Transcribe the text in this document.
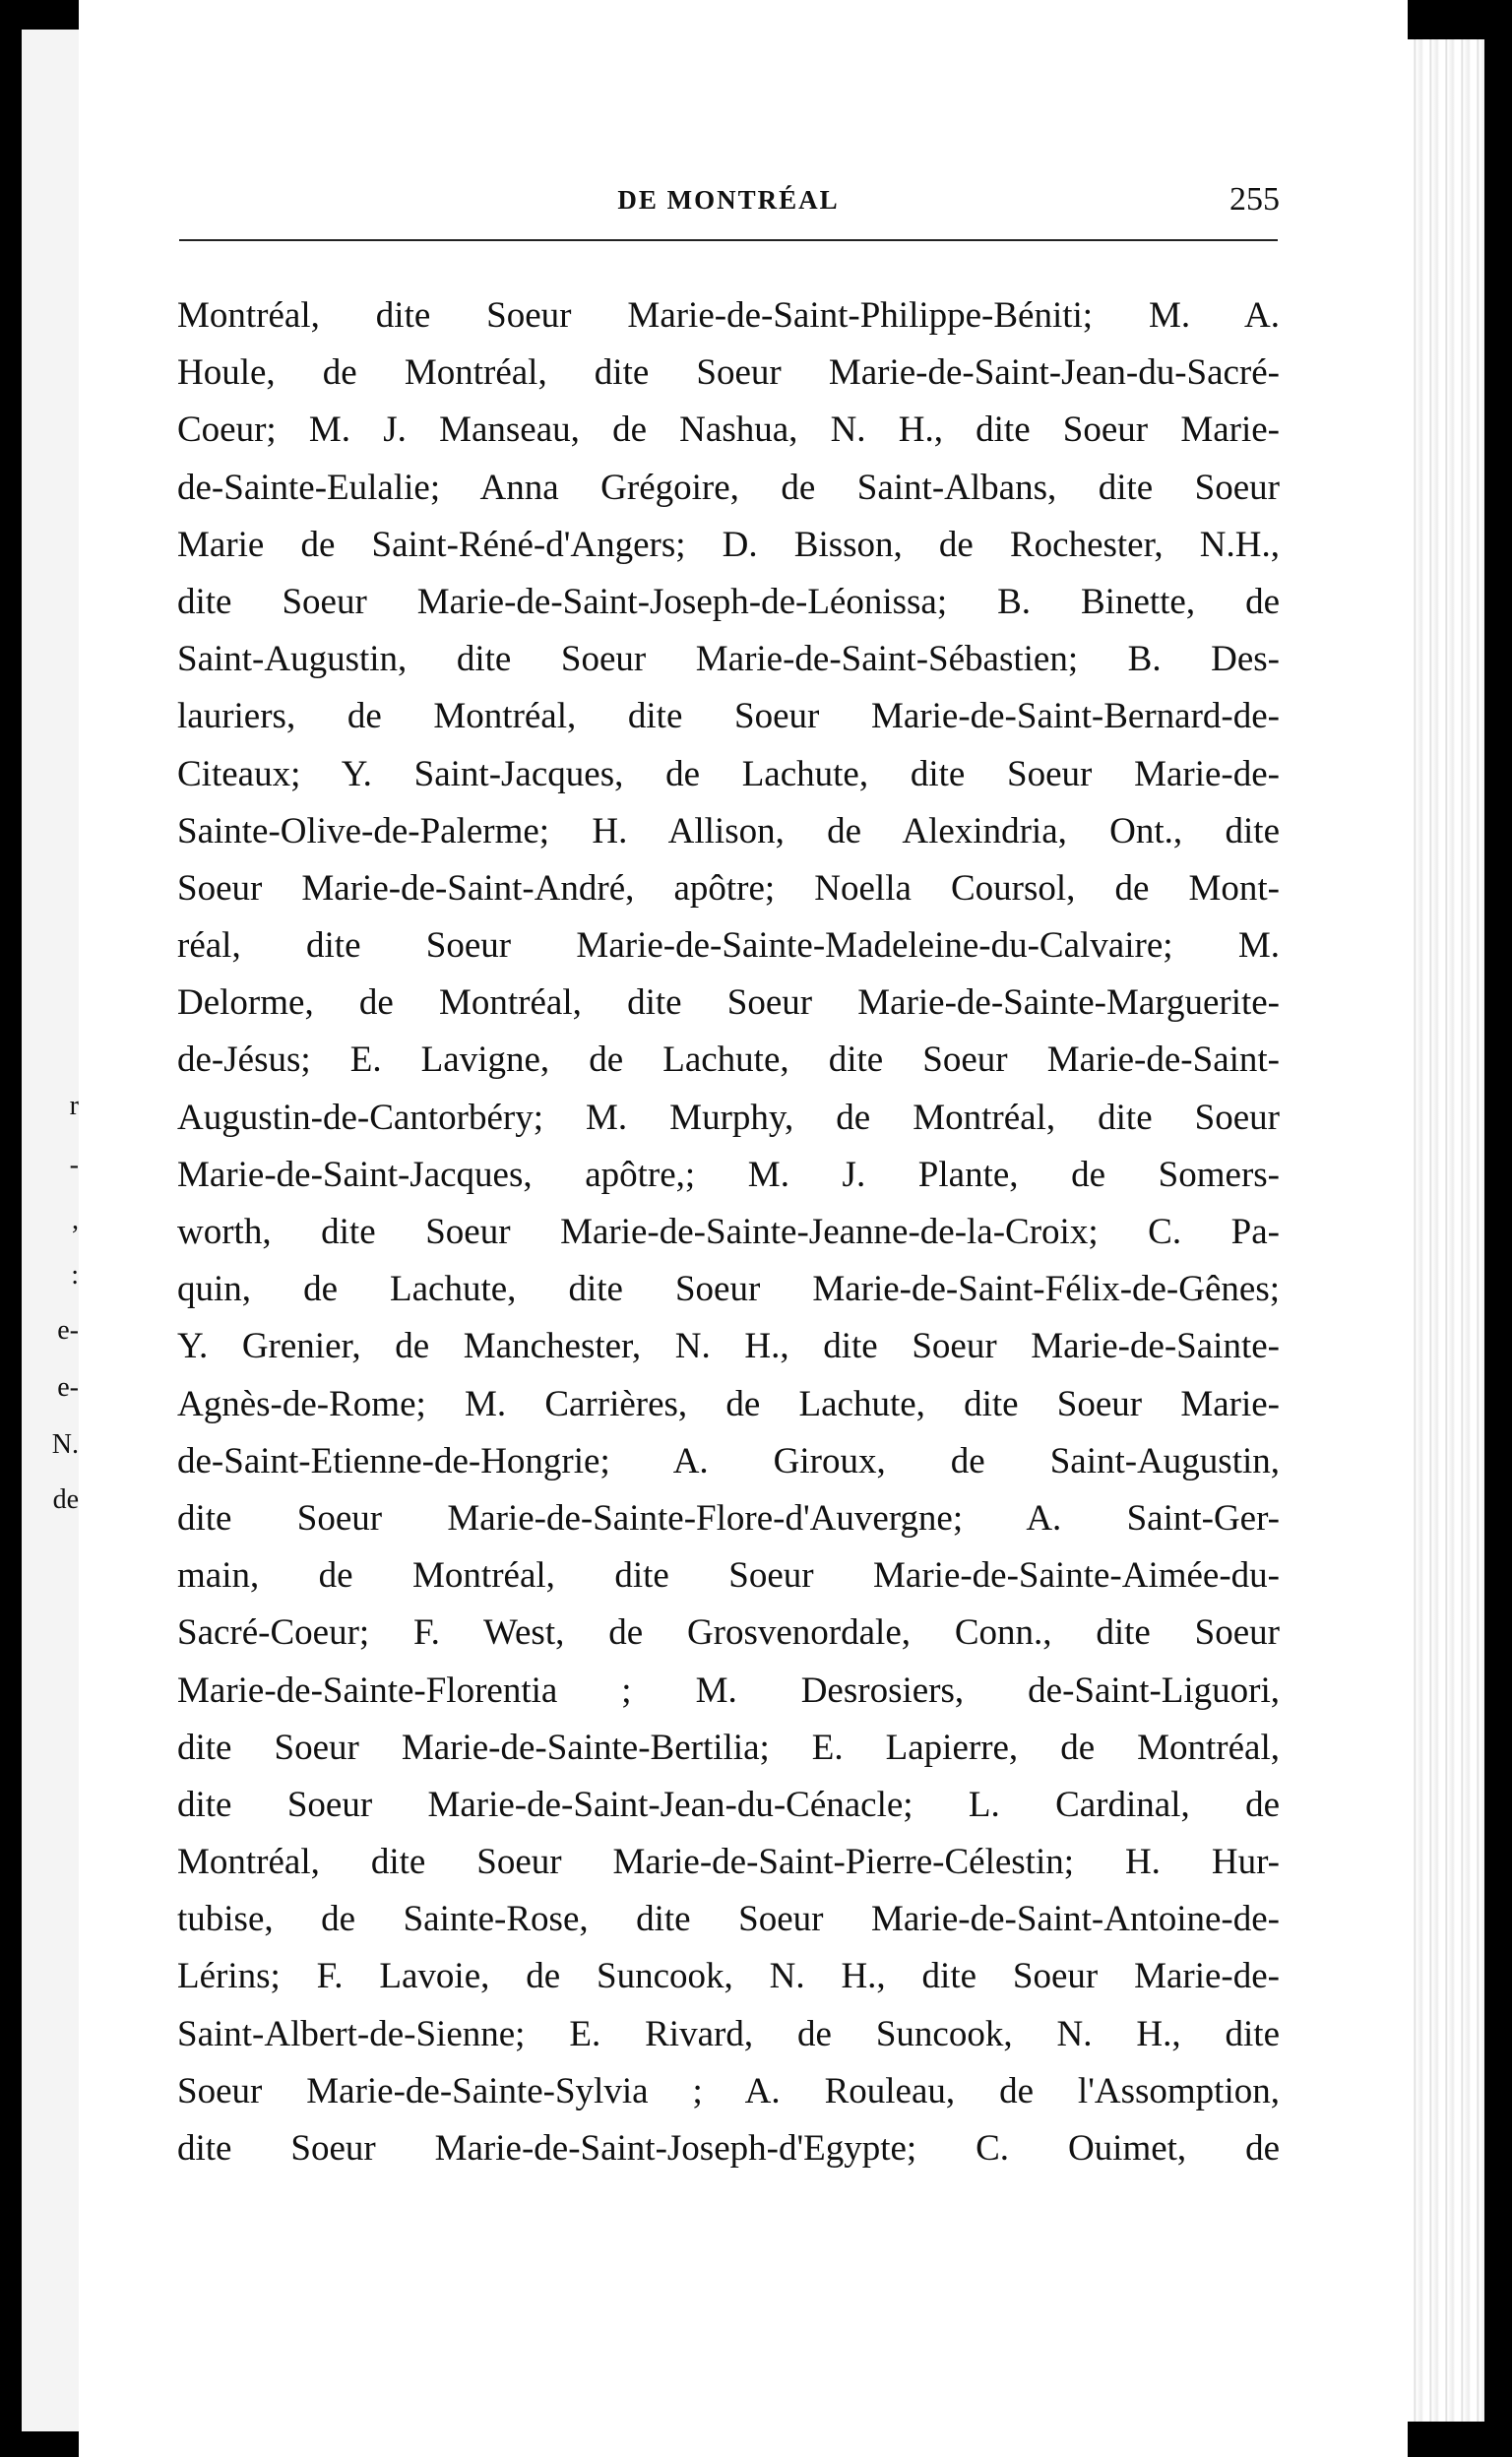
r
-
,
:
e-
e-
N.
de
DE MONTRÉAL	255
Montréal, dite Soeur Marie-de-Saint-Philippe-Béniti; M. A.
Houle, de Montréal, dite Soeur Marie-de-Saint-Jean-du-Sacré-
Coeur; M. J. Manseau, de Nashua, N. H., dite Soeur Marie-
de-Sainte-Eulalie; Anna Grégoire, de Saint-Albans, dite Soeur
Marie de Saint-Réné-d'Angers; D. Bisson, de Rochester, N.H.,
dite Soeur Marie-de-Saint-Joseph-de-Léonissa; B. Binette, de
Saint-Augustin, dite Soeur Marie-de-Saint-Sébastien; B. Des-
lauriers, de Montréal, dite Soeur Marie-de-Saint-Bernard-de-
Citeaux; Y. Saint-Jacques, de Lachute, dite Soeur Marie-de-
Sainte-Olive-de-Palerme; H. Allison, de Alexindria, Ont., dite
Soeur Marie-de-Saint-André, apôtre; Noella Coursol, de Mont-
réal, dite Soeur Marie-de-Sainte-Madeleine-du-Calvaire; M.
Delorme, de Montréal, dite Soeur Marie-de-Sainte-Marguerite-
de-Jésus; E. Lavigne, de Lachute, dite Soeur Marie-de-Saint-
Augustin-de-Cantorbéry; M. Murphy, de Montréal, dite Soeur
Marie-de-Saint-Jacques, apôtre,; M. J. Plante, de Somers-
worth, dite Soeur Marie-de-Sainte-Jeanne-de-la-Croix; C. Pa-
quin, de Lachute, dite Soeur Marie-de-Saint-Félix-de-Gênes;
Y. Grenier, de Manchester, N. H., dite Soeur Marie-de-Sainte-
Agnès-de-Rome; M. Carrières, de Lachute, dite Soeur Marie-
de-Saint-Etienne-de-Hongrie; A. Giroux, de Saint-Augustin,
dite Soeur Marie-de-Sainte-Flore-d'Auvergne; A. Saint-Ger-
main, de Montréal, dite Soeur Marie-de-Sainte-Aimée-du-
Sacré-Coeur; F. West, de Grosvenordale, Conn., dite Soeur
Marie-de-Sainte-Florentia ; M. Desrosiers, de-Saint-Liguori,
dite Soeur Marie-de-Sainte-Bertilia; E. Lapierre, de Montréal,
dite Soeur Marie-de-Saint-Jean-du-Cénacle; L. Cardinal, de
Montréal, dite Soeur Marie-de-Saint-Pierre-Célestin; H. Hur-
tubise, de Sainte-Rose, dite Soeur Marie-de-Saint-Antoine-de-
Lérins; F. Lavoie, de Suncook, N. H., dite Soeur Marie-de-
Saint-Albert-de-Sienne; E. Rivard, de Suncook, N. H., dite
Soeur Marie-de-Sainte-Sylvia ; A. Rouleau, de l'Assomption,
dite Soeur Marie-de-Saint-Joseph-d'Egypte; C. Ouimet, de
